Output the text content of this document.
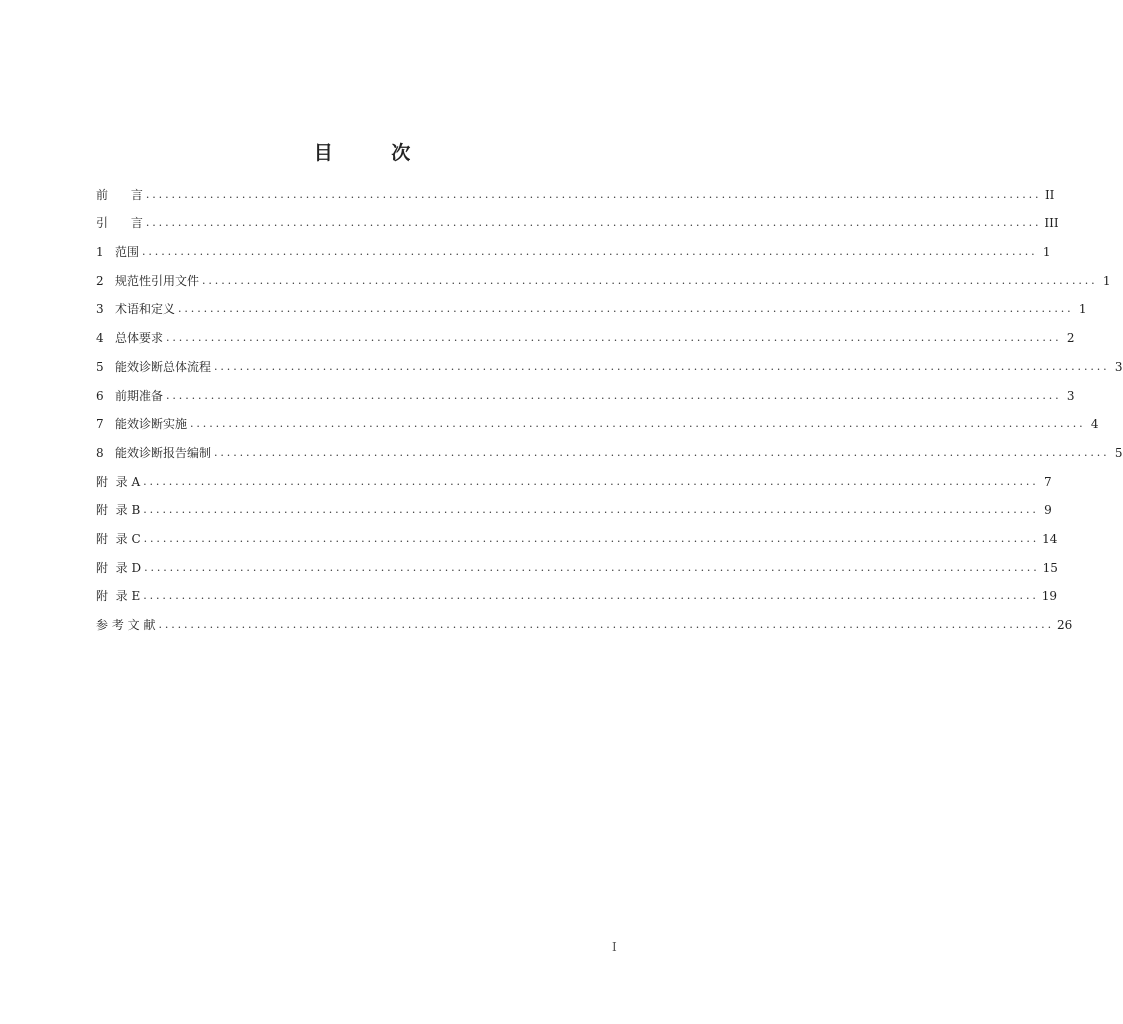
目 次
前      言 ............................................................................................................................................ II
引      言 ............................................................................................................................................ III
1 范围 ............................................................................................................................................ 1
2 规范性引用文件 ............................................................................................................................................ 1
3 术语和定义 ............................................................................................................................................ 1
4 总体要求 ............................................................................................................................................ 2
5 能效诊断总体流程 ............................................................................................................................................ 3
6 前期准备 ............................................................................................................................................ 3
7 能效诊断实施 ............................................................................................................................................ 4
8 能效诊断报告编制 ............................................................................................................................................ 5
附  录 A ............................................................................................................................................ 7
附  录 B ............................................................................................................................................ 9
附  录 C ............................................................................................................................................ 14
附  录 D ............................................................................................................................................ 15
附  录 E ............................................................................................................................................ 19
参 考 文 献 ............................................................................................................................................ 26
I
